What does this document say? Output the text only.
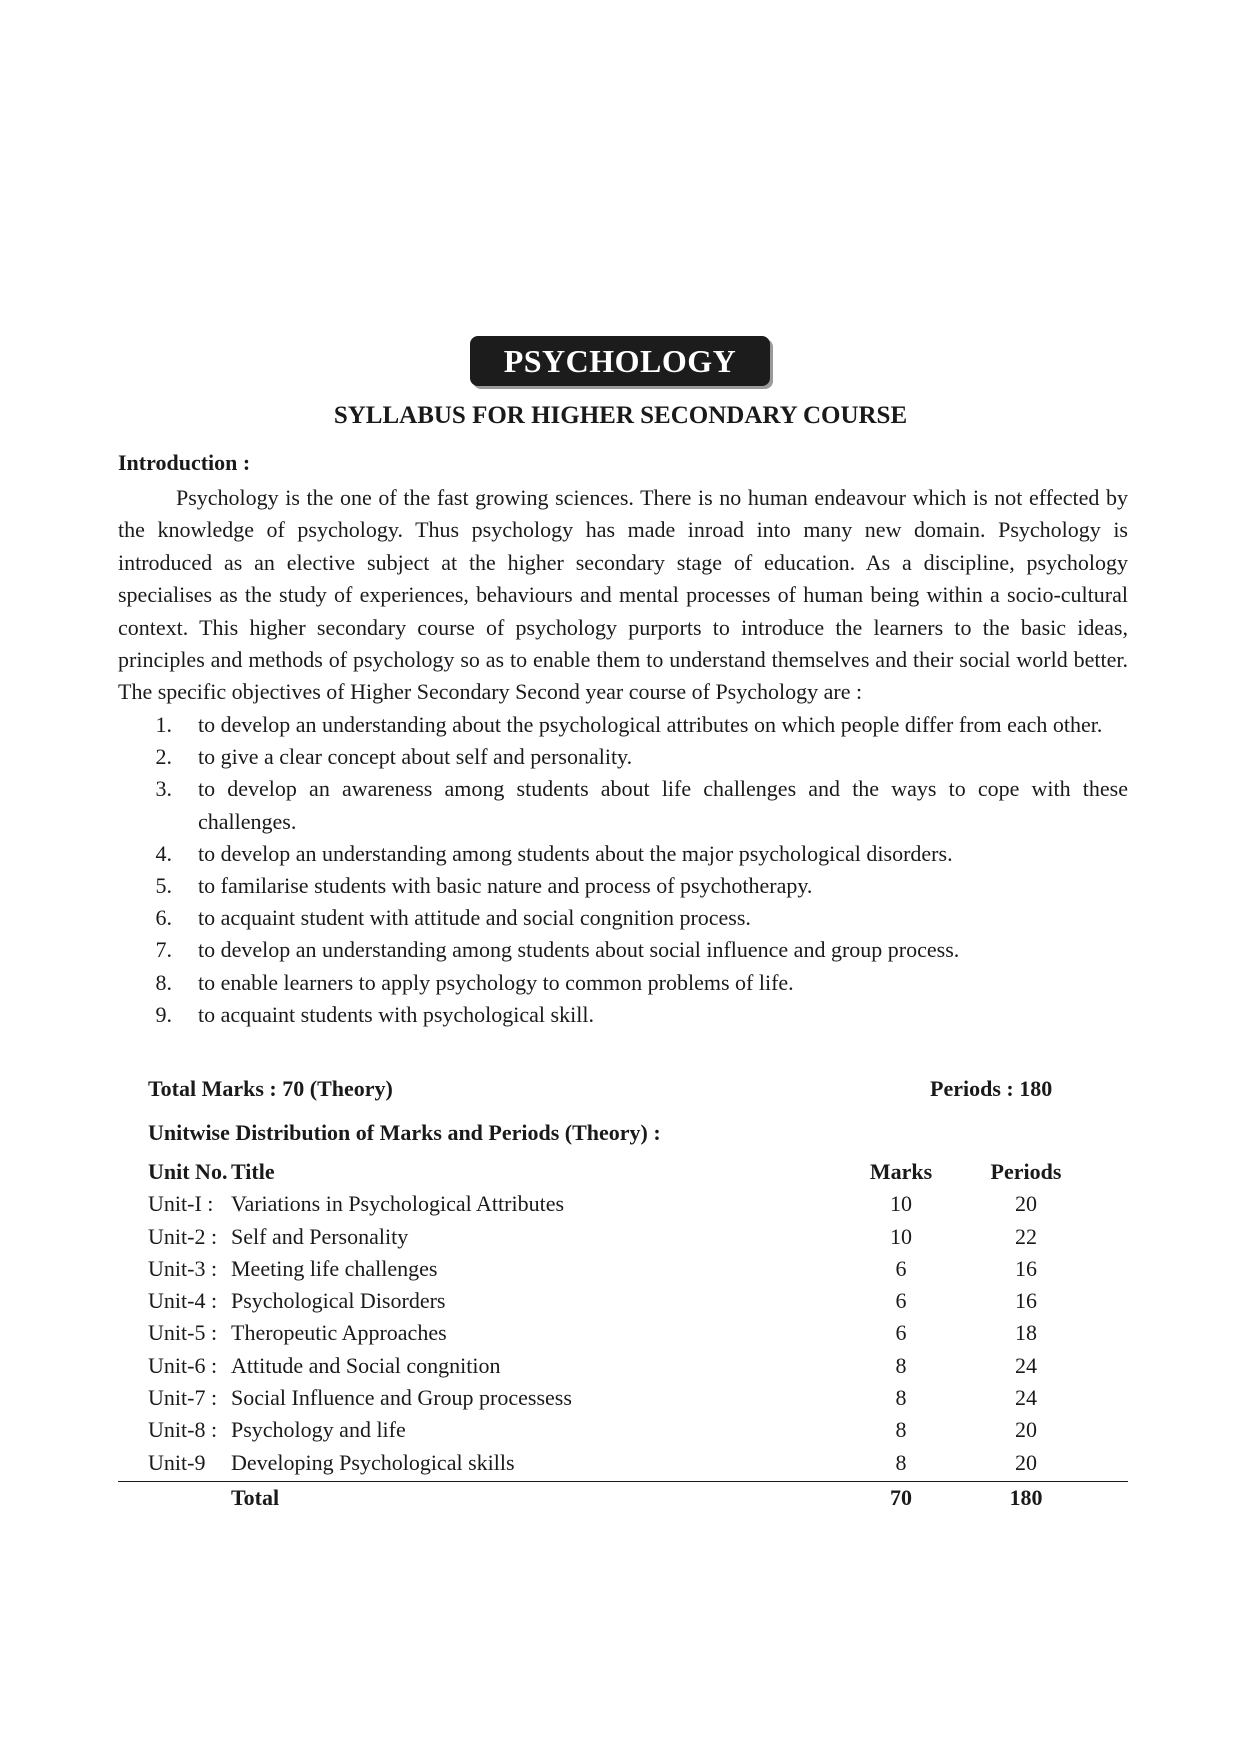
PSYCHOLOGY
SYLLABUS FOR HIGHER SECONDARY COURSE
Introduction :

Psychology is the one of the fast growing sciences. There is no human endeavour which is not effected by the knowledge of psychology. Thus psychology has made inroad into many new domain. Psychology is introduced as an elective subject at the higher secondary stage of education. As a discipline, psychology specialises as the study of experiences, behaviours and mental processes of human being within a socio-cultural context. This higher secondary course of psychology purports to introduce the learners to the basic ideas, principles and methods of psychology so as to enable them to understand themselves and their social world better. The specific objectives of Higher Secondary Second year course of Psychology are :

1.	to develop an understanding about the psychological attributes on which people differ from each other.
2.	to give a clear concept about self and personality.
3.	to develop an awareness among students about life challenges and the ways to cope with these challenges.
4.	to develop an understanding among students about the major psychological disorders.
5.	to familarise students with basic nature and process of psychotherapy.
6.	to acquaint student with attitude and social congnition process.
7.	to develop an understanding among students about social influence and group process.
8.	to enable learners to apply psychology to common problems of life.
9.	to acquaint students with psychological skill.
Total Marks : 70 (Theory)	Periods : 180
Unitwise Distribution of Marks and Periods (Theory) :
Unit No. Title	Marks	Periods
Unit-I : Variations in Psychological Attributes	10	20
Unit-2 : Self and Personality	10	22
Unit-3 : Meeting life challenges	6	16
Unit-4 : Psychological Disorders	6	16
Unit-5 : Theropeutic Approaches	6	18
Unit-6 : Attitude and Social congnition	8	24
Unit-7 : Social Influence and Group processess	8	24
Unit-8 : Psychology and life	8	20
Unit-9	Developing Psychological skills	8	20
Total	70	180
